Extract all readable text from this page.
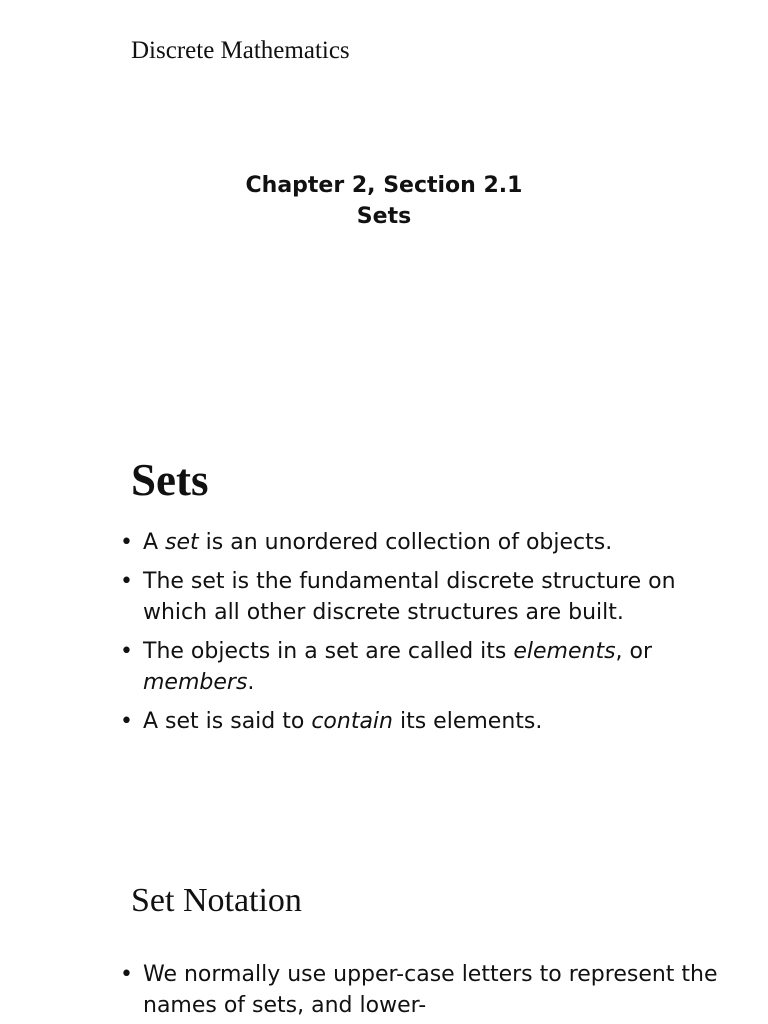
Discrete Mathematics
Chapter 2, Section 2.1
Sets
Sets
• A set is an unordered collection of objects.
• The set is the fundamental discrete structure on which all other discrete structures are built.
• The objects in a set are called its elements, or members.
• A set is said to contain its elements.
Set Notation
• We normally use upper-case letters to represent the names of sets, and lower-
